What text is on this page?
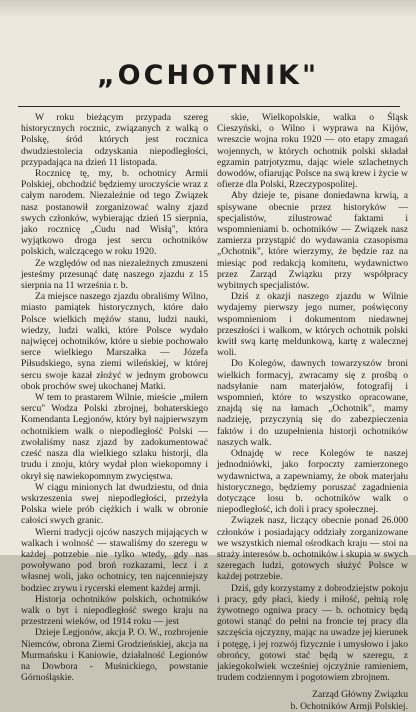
„OCHOTNIK"

W roku bieżącym przypada szereg historycznych rocznic, związanych z walką o Polskę, śród których jest rocznica dwudziestolecia odzyskania niepodległości, przypadająca na dzień 11 listopada.

Rocznicę tę, my, b. ochotnicy Armii Polskiej, obchodzić będziemy uroczyście wraz z całym narodem. Niezależnie od tego Związek nasz postanowił zorganizować walny zjazd swych członków, wybierając dzień 15 sierpnia, jako rocznicę „Cudu nad Wisłą", która wyjątkowo droga jest sercu ochotników polskich, walczącego w roku 1920.

Ze względów od nas niezależnych zmuszeni jesteśmy przesunąć datę naszego zjazdu z 15 sierpnia na 11 września r. b.

Za miejsce naszego zjazdu obraliśmy Wilno, miasto pamiątek historycznych, które dało Polsce wielkich mężów stanu, ludzi nauki, wiedzy, ludzi walki, które Polsce wydało najwięcej ochotników, które u siebie pochowało serce wielkiego Marszałka — Józefa Piłsudskiego, syna ziemi wileńskiej, w której sercu swoje kazał złożyć w jednym grobowcu obok prochów swej ukochanej Matki.

W tem to prastarem Wilnie, mieście „miłem sercu" Wodza Polski zbrojnej, bohaterskiego Komendanta Legjonów, który był najpierwszym ochotnikiem walk o niepodległość Polski — zwołaliśmy nasz zjazd by zadokumentować cześć nasza dla wielkiego szlaku historji, dla trudu i znoju, który wydał plon wiekopomny i okrył się nawiekopomnym zwycięstwa.

W ciągu minionych lat dwudziestu, od dnia wskrzeszenia swej niepodległości, przeżyła Polska wiele prób ciężkich i walk w obronie całości swych granic.

Wierni tradycji ojców naszych mijających w walkach i wolność — stawaliśmy do szeregu w każdej potrzebie nie tylko wtedy, gdy nas powoływano pod broń rozkazami, lecz i z własnej woli, jako ochotnicy, ten najcenniejszy bodziec zrywu i rycerski element każdej armji.

Historja ochotników polskich, ochotników walk o byt i niepodległość swego kraju na przestrzeni wieków, od 1914 roku — jest

Dzieje Legjonów, akcja P. O. W., rozbrojenie Niemców, obrona Ziemi Grodzieńskiej, akcja na Murmańsku i Kaniowie, działalność Legionów na Dowbora - Muśnickiego, powstanie Górnośląskie.

skie, Wielkopolskie, walka o Śląsk Cieszyński, o Wilno i wyprawa na Kijów, wreszcie wojna roku 1920 — oto etapy zmagań wojennych, w których ochotnik polski składał egzamin patrjotyzmu, dając wiele szlachetnych dowodów, ofiarując Polsce na swą krew i życie w ofierze dla Polski, Rzeczypospolitej.

Aby dzieje te, pisane doniedawna krwią, a spisywane obecnie przez historyków — specjalistów, zilustrować faktami i wspomnieniami b. ochotników — Związek nasz zamierza przystąpić do wydawania czasopisma „Ochotnik", które wierzymy, że będzie raz na miesiąc pod redakcją komitetu, wydawnictwo przez Zarząd Związku przy współpracy wybitnych specjalistów.

Dziś z okazji naszego zjazdu w Wilnie wydajemy pierwszy jego numer, poświęcony wspomnieniom i dokumentom niedawnej przeszłości i walkom, w których ochotnik polski kwitł swą kartę meldunkową, kartę z walecznej woli.

Do Kolegów, dawnych towarzyszów broni wielkich formacyj, zwracamy się z prośbą o nadsyłanie nam materjałów, fotografij i wspomnień, które to wszystko opracowane, znajdą się na łamach „Ochotnik", mamy nadzieję, przyczynią się do zabezpieczenia faktów i do uzupełnienia historji ochotników naszych walk.

Odnajdę w rece Kolegów te naszej jednodniówki, jako forpoczty zamierzonego wydawnictwa, a zapewniamy, że obok materjału historycznego, będziemy poruszać zagadnienia dotyczące losu b. ochotników walk o niepodległość, ich doli i pracy społecznej.

Związek nasz, liczący obecnie ponad 26.000 członków i posiadający oddziały zorganizowane we wszystkich niemal ośrodkach kraju — stoi na straży interesów b. ochotników i skupia w swych szeregach ludzi, gotowych służyć Polsce w każdej potrzebie.

Dziś, gdy korzystamy z dobrodziejstw pokoju i pracy, gdy płaci, kiedy i miłość, pełnią rolę żywotnego ogniwa pracy — b. ochotnicy będą gotowi stanąć do pełni na froncie tej pracy dla szczęścia ojczyzny, mając na uwadze jej kierunek i potęgę, i jej rozwój fizycznie i umysłowo i jako obrońcy, gotowi stać będą w szeregu, z jakiegokolwiek wcześniej ojczyźnie ramieniem, trudem codziennym i pogotowiem zbrojnem.

Zarząd Główny Związku
b. Ochotników Armji Polskiej.
